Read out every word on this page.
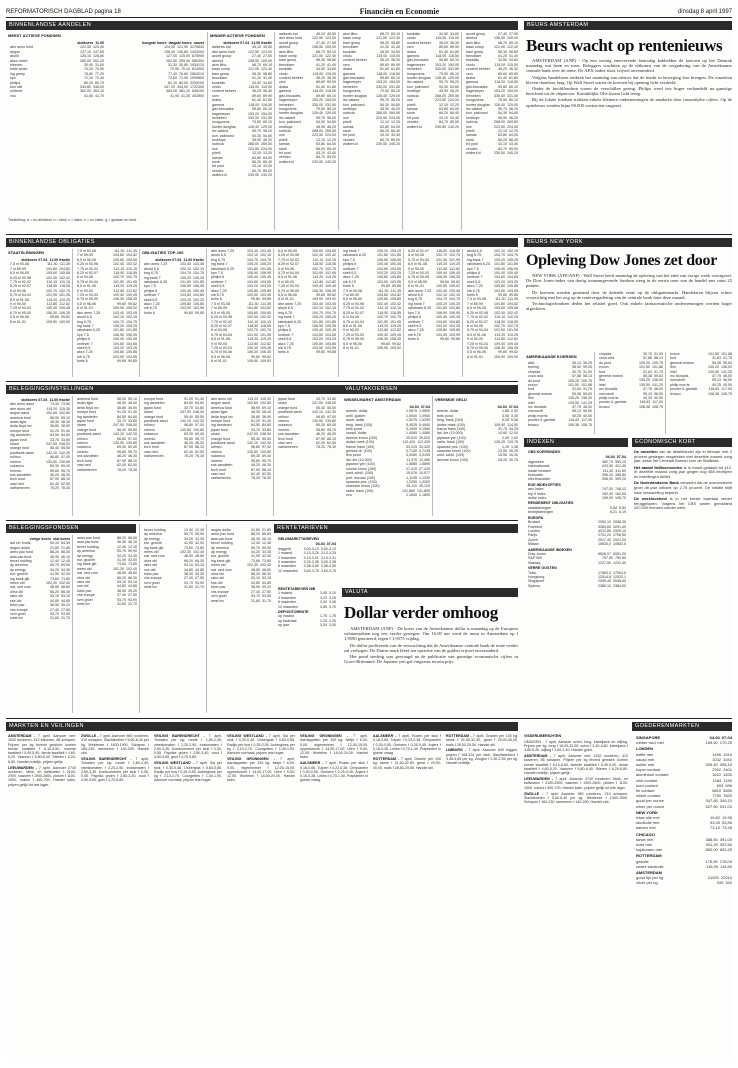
REFORMATORISCH DAGBLAD pagina 18	Financiën en Economie	dinsdag 8 april 1997
BINNENLANDSE AANDELEN
MEEST ACTIEVE FONDSEN
slotkoers 11.00
abn amro hold	122,50 123,40
aegon	137,10 137,60
ahold	126,10 126,80
akzo nobel	260,00 261,20
elsevier	30,90 31,00
fortis amev	70,20 70,50
ing groep	76,80 77,20
kpn	72,10 72,40
philips	80,20 80,70
kon olie	344,80 346,00
unilever	362,00 363,10
vnu	41,50 41,70
hoogste koers laagste koers omzet
124,00 121,90 3176640
138,40 136,80 1443204
127,00 125,90 875900
262,50 259,40 580300
31,30 30,80 1934120
70,90 70,10 812000
77,40 76,60 2564210
72,60 71,90 1099800
81,10 80,00 3209100
347,20 344,00 1722300
364,00 361,20 645100
41,90 41,30 402800
Toelichting: a = ex-dividend, b = bied, c = laten, e = ex claim, g = gedaan en bied.
MINDER ACTIEVE FONDSEN
slotkoers 07-04 11.00 fractie
aalberts ind	45,10 45,50
abn amro hold	122,50 123,00
accell group	27,40 27,50
ahrend	108,50 109,00
asm litho	68,70 69,10
baan comp	121,00 122,40
bam groep	98,30 98,80
benckiser	41,20 41,40
boskalis	34,50 34,60
cindu	115,00 115,00
content beheer	36,20 36,30
csm	89,60 89,90
draka	61,40 61,80
gamma	118,00 118,50
gist-brocades	59,80 60,10
hagemeyer	153,20 154,00
heineken	330,00 331,50
hoogovens	79,50 80,10
hunter douglas	128,40 129,00
ihc caland	95,70 96,20
kon. pakhoed	54,30 54,60
nedlloyd	45,90 46,20
nutricia	268,00 269,50
oce	223,50 224,00
pirelli	12,10 12,20
samas	63,80 64,00
stork	66,20 66,40
tnt post	43,10 43,40
vendex	84,70 85,00
wolters kl	239,50 240,20
aalberts ind	45,10 45,50
abn amro hold	122,50 123,00
accell group	27,40 27,50
ahrend	108,50 109,00
asm litho	68,70 69,10
baan comp	121,00 122,40
bam groep	98,30 98,80
benckiser	41,20 41,40
boskalis	34,50 34,60
cindu	115,00 115,00
content beheer	36,20 36,30
csm	89,60 89,90
draka	61,40 61,80
gamma	118,00 118,50
gist-brocades	59,80 60,10
hagemeyer	153,20 154,00
heineken	330,00 331,50
hoogovens	79,50 80,10
hunter douglas	128,40 129,00
ihc caland	95,70 96,20
kon. pakhoed	54,30 54,60
nedlloyd	45,90 46,20
nutricia	268,00 269,50
oce	223,50 224,00
pirelli	12,10 12,20
samas	63,80 64,00
stork	66,20 66,40
tnt post	43,10 43,40
vendex	84,70 85,00
wolters kl	239,50 240,20
asm litho	68,70 69,10
baan comp	121,00 122,40
bam groep	98,30 98,80
benckiser	41,20 41,40
boskalis	34,50 34,60
cindu	115,00 115,00
content beheer	36,20 36,30
csm	89,60 89,90
draka	61,40 61,80
gamma	118,00 118,50
gist-brocades	59,80 60,10
hagemeyer	153,20 154,00
heineken	330,00 331,50
hoogovens	79,50 80,10
hunter douglas	128,40 129,00
ihc caland	95,70 96,20
kon. pakhoed	54,30 54,60
nedlloyd	45,90 46,20
nutricia	268,00 269,50
oce	223,50 224,00
pirelli	12,10 12,20
samas	63,80 64,00
stork	66,20 66,40
tnt post	43,10 43,40
vendex	84,70 85,00
wolters kl	239,50 240,20
boskalis	34,50 34,60
cindu	115,00 115,00
content beheer	36,20 36,30
csm	89,60 89,90
draka	61,40 61,80
gamma	118,00 118,50
gist-brocades	59,80 60,10
hagemeyer	153,20 154,00
heineken	330,00 331,50
hoogovens	79,50 80,10
hunter douglas	128,40 129,00
ihc caland	95,70 96,20
kon. pakhoed	54,30 54,60
nedlloyd	45,90 46,20
nutricia	268,00 269,50
oce	223,50 224,00
pirelli	12,10 12,20
samas	63,80 64,00
stork	66,20 66,40
tnt post	43,10 43,40
vendex	84,70 85,00
wolters kl	239,50 240,20
accell group	27,40 27,50
ahrend	108,50 109,00
asm litho	68,70 69,10
baan comp	121,00 122,40
bam groep	98,30 98,80
benckiser	41,20 41,40
boskalis	34,50 34,60
cindu	115,00 115,00
content beheer	36,20 36,30
csm	89,60 89,90
draka	61,40 61,80
gamma	118,00 118,50
gist-brocades	59,80 60,10
hagemeyer	153,20 154,00
heineken	330,00 331,50
hoogovens	79,50 80,10
hunter douglas	128,40 129,00
ihc caland	95,70 96,20
kon. pakhoed	54,30 54,60
nedlloyd	45,90 46,20
nutricia	268,00 269,50
oce	223,50 224,00
pirelli	12,10 12,20
samas	63,80 64,00
stork	66,20 66,40
tnt post	43,10 43,40
vendex	84,70 85,00
wolters kl	239,50 240,20
BEURS AMSTERDAM
Beurs wacht op rentenieuws

AMSTERDAM (ANP) - Op een weinig enerverende beursdag kabbelden de koersen op het Damrak maandag wat heen en weer. Beleggers wachtten op de uitkomst van de vergadering van de Amerikaanse centrale bank over de rente. De AEX-index sloot vrijwel onveranderd.

Volgens handelaren ontbrak het maandag aan nieuws dat de markt in beweging kon brengen. De omzetten bleven daardoor laag. Op Wall Street waren de koersen bij opening licht verdeeld.

Onder de hoofdfondsen waren de verschillen gering. Philips werd iets hoger verhandeld na gunstige berichten uit de chipsector. Koninklijke Olie kwam licht terug.

Bij de lokale fondsen trokken enkele kleinere ondernemingen de aandacht door tussentijdse cijfers. Op de optiebeurs werden bijna 90.000 contracten omgezet.

BINNENLANDSE OBLIGATIES
STAATSLENINGEN
slotkoers 07-04 11.00 fractie
7,5 nl 93-08	111,30 111,35
7 nl 89-99	104,80 104,82
6,5 nl 95-05	105,60 105,65
6,25 nl 93-98	102,40 102,42
7,75 nl 92-02	110,10 110,15
8,25 nl 92-07	118,50 118,55
6 nl 94-06	102,70 102,75
5,75 nl 94-04	101,90 101,95
8,5 nl 91-06	119,20 119,25
9 nl 90-00	112,80 112,82
7,25 nl 93-03	109,40 109,45
6,75 nl 95-05	106,30 106,35
5,5 nl 96-06	99,60 99,62
8 nl 91-01	109,90 109,92
7,5 nl 93-08	111,30 111,35
7 nl 89-99	104,80 104,82
6,5 nl 95-05	105,60 105,65
6,25 nl 93-98	102,40 102,42
7,75 nl 92-02	110,10 110,15
8,25 nl 92-07	118,50 118,55
6 nl 94-06	102,70 102,75
5,75 nl 94-04	101,90 101,95
8,5 nl 91-06	119,20 119,25
9 nl 90-00	112,80 112,82
7,25 nl 93-03	109,40 109,45
6,75 nl 95-05	106,30 106,35
5,5 nl 96-06	99,60 99,62
8 nl 91-01	109,90 109,92
abn amro 7,25	103,40 103,45
ahold 6,5	102,10 102,15
bng 6,75	104,70 104,75
ing bank 7	105,20 105,25
rabobank 6,25	101,80 101,85
kpn 7,5	106,90 106,95
philips 6	100,40 100,45
unilever 7	104,60 104,65
shell 6,5	103,20 103,25
akzo 7,25	105,80 105,85
nib 6,75	103,90 103,95
fortis 6	99,80 99,85
OBLIGATIES TOP-100
slotkoers 07-04 11.00 fractie
abn amro 7,25	103,40 103,45
ahold 6,5	102,10 102,15
bng 6,75	104,70 104,75
ing bank 7	105,20 105,25
rabobank 6,25	101,80 101,85
kpn 7,5	106,90 106,95
philips 6	100,40 100,45
unilever 7	104,60 104,65
shell 6,5	103,20 103,25
akzo 7,25	105,80 105,85
nib 6,75	103,90 103,95
fortis 6	99,80 99,85
abn amro 7,25	103,40 103,45
ahold 6,5	102,10 102,15
bng 6,75	104,70 104,75
ing bank 7	105,20 105,25
rabobank 6,25	101,80 101,85
kpn 7,5	106,90 106,95
philips 6	100,40 100,45
unilever 7	104,60 104,65
shell 6,5	103,20 103,25
akzo 7,25	105,80 105,85
nib 6,75	103,90 103,95
fortis 6	99,80 99,85
7,5 nl 93-08	111,30 111,35
7 nl 89-99	104,80 104,82
6,5 nl 95-05	105,60 105,65
6,25 nl 93-98	102,40 102,42
7,75 nl 92-02	110,10 110,15
8,25 nl 92-07	118,50 118,55
6 nl 94-06	102,70 102,75
5,75 nl 94-04	101,90 101,95
8,5 nl 91-06	119,20 119,25
9 nl 90-00	112,80 112,82
7,25 nl 93-03	109,40 109,45
6,75 nl 95-05	106,30 106,35
5,5 nl 96-06	99,60 99,62
8 nl 91-01	109,90 109,92
6,5 nl 95-05	105,60 105,65
6,25 nl 93-98	102,40 102,42
7,75 nl 92-02	110,10 110,15
8,25 nl 92-07	118,50 118,55
6 nl 94-06	102,70 102,75
5,75 nl 94-04	101,90 101,95
8,5 nl 91-06	119,20 119,25
9 nl 90-00	112,80 112,82
7,25 nl 93-03	109,40 109,45
6,75 nl 95-05	106,30 106,35
5,5 nl 96-06	99,60 99,62
8 nl 91-01	109,90 109,92
abn amro 7,25	103,40 103,45
ahold 6,5	102,10 102,15
bng 6,75	104,70 104,75
ing bank 7	105,20 105,25
rabobank 6,25	101,80 101,85
kpn 7,5	106,90 106,95
philips 6	100,40 100,45
unilever 7	104,60 104,65
shell 6,5	103,20 103,25
akzo 7,25	105,80 105,85
nib 6,75	103,90 103,95
fortis 6	99,80 99,85
ing bank 7	105,20 105,25
rabobank 6,25	101,80 101,85
kpn 7,5	106,90 106,95
philips 6	100,40 100,45
unilever 7	104,60 104,65
shell 6,5	103,20 103,25
akzo 7,25	105,80 105,85
nib 6,75	103,90 103,95
fortis 6	99,80 99,85
7,5 nl 93-08	111,30 111,35
7 nl 89-99	104,80 104,82
6,5 nl 95-05	105,60 105,65
6,25 nl 93-98	102,40 102,42
7,75 nl 92-02	110,10 110,15
8,25 nl 92-07	118,50 118,55
6 nl 94-06	102,70 102,75
5,75 nl 94-04	101,90 101,95
8,5 nl 91-06	119,20 119,25
9 nl 90-00	112,80 112,82
7,25 nl 93-03	109,40 109,45
6,75 nl 95-05	106,30 106,35
5,5 nl 96-06	99,60 99,62
8 nl 91-01	109,90 109,92
8,25 nl 92-07	118,50 118,55
6 nl 94-06	102,70 102,75
5,75 nl 94-04	101,90 101,95
8,5 nl 91-06	119,20 119,25
9 nl 90-00	112,80 112,82
7,25 nl 93-03	109,40 109,45
6,75 nl 95-05	106,30 106,35
5,5 nl 96-06	99,60 99,62
8 nl 91-01	109,90 109,92
abn amro 7,25	103,40 103,45
ahold 6,5	102,10 102,15
bng 6,75	104,70 104,75
ing bank 7	105,20 105,25
rabobank 6,25	101,80 101,85
kpn 7,5	106,90 106,95
philips 6	100,40 100,45
unilever 7	104,60 104,65
shell 6,5	103,20 103,25
akzo 7,25	105,80 105,85
nib 6,75	103,90 103,95
fortis 6	99,80 99,85
ahold 6,5	102,10 102,15
bng 6,75	104,70 104,75
ing bank 7	105,20 105,25
rabobank 6,25	101,80 101,85
kpn 7,5	106,90 106,95
philips 6	100,40 100,45
unilever 7	104,60 104,65
shell 6,5	103,20 103,25
akzo 7,25	105,80 105,85
nib 6,75	103,90 103,95
fortis 6	99,80 99,85
7,5 nl 93-08	111,30 111,35
7 nl 89-99	104,80 104,82
6,5 nl 95-05	105,60 105,65
6,25 nl 93-98	102,40 102,42
7,75 nl 92-02	110,10 110,15
8,25 nl 92-07	118,50 118,55
6 nl 94-06	102,70 102,75
5,75 nl 94-04	101,90 101,95
8,5 nl 91-06	119,20 119,25
9 nl 90-00	112,80 112,82
7,25 nl 93-03	109,40 109,45
6,75 nl 95-05	106,30 106,35
5,5 nl 96-06	99,60 99,62
8 nl 91-01	109,90 109,92
BEURS NEW YORK
Opleving Dow Jones zet door

NEW YORK (AFP/ANP) - Wall Street heeft maandag de opleving van het eind van vorige week voortgezet. De Dow Jones-index van dertig toonaangevende fondsen steeg in de eerste uren van de handel met ruim 25 punten.

De koersen werden gesteund door de dalende rente op de obligatiemarkt. Handelaren blijven echter voorzichtig met het oog op de rentevergadering van de centrale bank later deze maand.

Technologiefondsen deden het relatief goed. Ook enkele farmaceutische ondernemingen werden hoger afgesloten.

BELEGGINGSINSTELLINGEN
slotkoers 07-04 11.00 fractie
abn amro aand	73,40 73,50
abn amro obl	115,20 115,30
aegon aand	102,60 102,80
america fund	58,90 59,10
asian tiger	48,30 48,40
delta lloyd inv	36,80 36,90
europe fund	91,20 91,40
ing aandelen	84,50 84,60
japan fund	33,70 33,80
obam	247,00 248,00
orange fund	55,40 55,50
postbank aand	142,10 142,30
rolinco	96,80 97,00
robeco	130,50 130,80
rodamco	69,30 69,40
rorento	95,60 95,70
sns aandelen	46,20 46,30
tech fund	87,90 88,10
vast ned	62,40 62,50
zwitserleven	78,20 78,30
america fund	58,90 59,10
asian tiger	48,30 48,40
delta lloyd inv	36,80 36,90
europe fund	91,20 91,40
ing aandelen	84,50 84,60
japan fund	33,70 33,80
obam	247,00 248,00
orange fund	55,40 55,50
postbank aand	142,10 142,30
rolinco	96,80 97,00
robeco	130,50 130,80
rodamco	69,30 69,40
rorento	95,60 95,70
sns aandelen	46,20 46,30
tech fund	87,90 88,10
vast ned	62,40 62,50
zwitserleven	78,20 78,30
europe fund	91,20 91,40
ing aandelen	84,50 84,60
japan fund	33,70 33,80
obam	247,00 248,00
orange fund	55,40 55,50
postbank aand	142,10 142,30
rolinco	96,80 97,00
robeco	130,50 130,80
rodamco	69,30 69,40
rorento	95,60 95,70
sns aandelen	46,20 46,30
tech fund	87,90 88,10
vast ned	62,40 62,50
zwitserleven	78,20 78,30
abn amro obl	115,20 115,30
aegon aand	102,60 102,80
america fund	58,90 59,10
asian tiger	48,30 48,40
delta lloyd inv	36,80 36,90
europe fund	91,20 91,40
ing aandelen	84,50 84,60
japan fund	33,70 33,80
obam	247,00 248,00
orange fund	55,40 55,50
postbank aand	142,10 142,30
rolinco	96,80 97,00
robeco	130,50 130,80
rodamco	69,30 69,40
rorento	95,60 95,70
sns aandelen	46,20 46,30
tech fund	87,90 88,10
vast ned	62,40 62,50
zwitserleven	78,20 78,30
japan fund	33,70 33,80
obam	247,00 248,00
orange fund	55,40 55,50
postbank aand	142,10 142,30
rolinco	96,80 97,00
robeco	130,50 130,80
rodamco	69,30 69,40
rorento	95,60 95,70
sns aandelen	46,20 46,30
tech fund	87,90 88,10
vast ned	62,40 62,50
zwitserleven	78,20 78,30
VALUTAKOERSEN
WISSELMARKT AMSTERDAM
04-04 07-04
amerik. dollar	1,9575 1,9590
antil. gulden	1,0940 1,0950
austr. dollar	1,5275 1,5290
belg. frank (100)	5,4535 5,4540
brits pond	3,1930 3,1960
canad. dollar	1,4065 1,4080
deense kroon (100)	29,510 29,520
duitse mark (100)	112,420 112,425
franse frank (100)	33,315 33,320
griekse dr. (100)	0,7130 0,7135
iers pond	3,0080 3,0105
ital. lire (10.000)	11,470 11,480
japanse yen (100)	1,5685 1,5695
noorse kroon (100)	27,410 27,420
oost. schill. (100)	15,976 15,977
port. escudo (100)	1,1195 1,1200
spaanse pes. (100)	1,3295 1,3300
zweedse kroon (100)	25,110 25,120
zwits. frank (100)	131,860 131,890
ecu	2,1845 2,1850
VREEMDE GELD
04-04 07-04
amerik. dollar	1,88 2,02
brits pond	3,06 3,30
belg. frank (100)	5,28 5,58
duitse mark (100)	109,50 114,50
franse frank (100)	31,75 34,25
ital. lire (10.000)	10,80 12,00
japanse yen (100)	1,49 1,62
zwits. frank (100)	128,25 133,75
spaanse pes. (100)	1,25 1,38
zweedse kroon (100)	23,50 26,25
oost. schill. (100)	15,55 16,30
deense kroon (100)	28,25 30,75
AMERIKAANSE KOERSEN
at&t	36,13 36,25
boeing	98,50 99,00
chrysler	30,75 31,00
coca cola	57,88 58,13
du pont	105,25 105,75
exxon	101,50 101,88
ford	31,63 31,75
general motors	55,38 55,63
ibm	135,25 136,00
intel	139,50 141,25
mc donalds	47,75 48,00
microsoft	95,13 96,50
philip morris	40,25 40,50
procter & gamble	116,63 117,00
texaco	108,38 108,75
chrysler	30,75 31,00
coca cola	57,88 58,13
du pont	105,25 105,75
exxon	101,50 101,88
ford	31,63 31,75
general motors	55,38 55,63
ibm	135,25 136,00
intel	139,50 141,25
mc donalds	47,75 48,00
microsoft	95,13 96,50
philip morris	40,25 40,50
procter & gamble	116,63 117,00
texaco	108,38 108,75
exxon	101,50 101,88
ford	31,63 31,75
general motors	55,38 55,63
ibm	135,25 136,00
intel	139,50 141,25
mc donalds	47,75 48,00
microsoft	95,13 96,50
philip morris	40,25 40,50
procter & gamble	116,63 117,00
texaco	108,38 108,75
INDEXEN
CBS KOERSINDEX
04-04 07-04
algemeen	382,70 383,10
internationals	420,50 421,30
lokale fondsen	311,40 311,60
financiele	356,20 356,80
niet-financiele	398,90 399,20
EOE INDEXOPTIES
aex-index	747,53 748,12
top 5 index	162,40 162,55
dollar index	195,90 195,75
RENDEMENT OBLIGATIES
staatsleningen	5,84 5,82
bedrijfsleningen	6,21 6,19
EUROPA
Brussel	2052,10 2058,30
Frankfort	3284,60 3291,40
Londen	4312,80 4320,10
Parijs	2701,20 2706,50
Zurich	2917,40 2921,00
Milaan	10830,0 10852,0
AMERIKAANSE INDEXEN
Dow Jones	6526,07 6551,20
S&P 500	757,90 759,80
Nasdaq	1227,80 1231,40
VERRE OOSTEN
Tokio	17863,0 17904,5
Hongkong	12514,8 12532,1
Singapore	2095,40 2098,60
Sydney	2380,10 2384,50
ECONOMISCH KORT

De omzetten van de detailhandel zijn in februari met 2 procent gestegen vergeleken met dezelfde maand vorig jaar, aldus het Centraal Bureau voor de Statistiek.

Het aantal faillissementen is in maart gedaald tot 412. In dezelfde maand vorig jaar gingen nog 468 bedrijven en instellingen failliet.

De Nederlandsche Bank verwacht dat de economische groei dit jaar uitkomt op 2,75 procent. De inflatie blijft naar verwachting beperkt.

De werkloosheid is in het eerste kwartaal verder teruggelopen. Volgens het CBS waren gemiddeld 420.000 mensen zonder werk.

BELEGGINGSFONDSEN
vorige koers slot koers
aal ver fonds	54,10 54,30
aegon dollar	21,80 21,85
amro pac fund	88,20 88,50
asia pac fund	46,30 46,10
bever holding	12,40 12,45
dp america	59,70 59,90
dp energy	34,20 34,35
eur. growth	41,90 42,00
ing bank glb	73,60 73,80
mees obl	102,30 102,40
nat. ned cum	48,50 48,60
ohra obl	66,20 66,30
rabo obl	53,10 53,15
sns obl	44,80 44,85
tokio pac	38,90 39,20
vhs europe	27,40 27,50
vvm groei	93,70 93,90
west inv	31,60 31,70
amro pac fund	88,20 88,50
asia pac fund	46,30 46,10
bever holding	12,40 12,45
dp america	59,70 59,90
dp energy	34,20 34,35
eur. growth	41,90 42,00
ing bank glb	73,60 73,80
mees obl	102,30 102,40
nat. ned cum	48,50 48,60
ohra obl	66,20 66,30
rabo obl	53,10 53,15
sns obl	44,80 44,85
tokio pac	38,90 39,20
vhs europe	27,40 27,50
vvm groei	93,70 93,90
west inv	31,60 31,70
bever holding	12,40 12,45
dp america	59,70 59,90
dp energy	34,20 34,35
eur. growth	41,90 42,00
ing bank glb	73,60 73,80
mees obl	102,30 102,40
nat. ned cum	48,50 48,60
ohra obl	66,20 66,30
rabo obl	53,10 53,15
sns obl	44,80 44,85
tokio pac	38,90 39,20
vhs europe	27,40 27,50
vvm groei	93,70 93,90
west inv	31,60 31,70
aegon dollar	21,80 21,85
amro pac fund	88,20 88,50
asia pac fund	46,30 46,10
bever holding	12,40 12,45
dp america	59,70 59,90
dp energy	34,20 34,35
eur. growth	41,90 42,00
ing bank glb	73,60 73,80
mees obl	102,30 102,40
nat. ned cum	48,50 48,60
ohra obl	66,20 66,30
rabo obl	53,10 53,15
sns obl	44,80 44,85
tokio pac	38,90 39,20
vhs europe	27,40 27,50
vvm groei	93,70 93,90
west inv	31,60 31,70
RENTETARIEVEN
GELDMARKTTARIEVEN
04-04 07-04
daggeld	3,00-3,13 3,00-3,13
1 maand	3,13-3,25 3,13-3,25
2 maanden	3,19-3,31 3,19-3,31
3 maanden	3,25-3,38 3,25-3,38
6 maanden	3,38-3,50 3,38-3,50
12 maanden	3,63-3,75 3,63-3,75
RENTETARIEVEN NIB
1 maand	3,05 3,10
3 maanden	3,20 3,25
6 maanden	3,40 3,45
12 maanden	3,65 3,70
DEPOSITORENTE
op maand	1,75 1,75
op kwartaal	2,25 2,25
op jaar	3,00 3,00
VALUTA
Dollar verder omhoog

AMSTERDAM (ANP) - De koers van de Amerikaanse dollar is maandag op de Europese valutamarkten nog iets verder gestegen. Om 16.00 uur werd de munt in Amsterdam op f 1,9590 genoteerd, tegen f 1,9575 vrijdag.

De dollar profiteerde van de verwachting dat de Amerikaanse centrale bank de rente verder zal verhogen. De Duitse mark bleef ten opzichte van de gulden vrijwel onveranderd.

Het pond sterling was gevraagd na de publicatie van gunstige economische cijfers in Groot-Brittannië. De Japanse yen gaf enigszins terrein prijs.

MARKTEN EN VEILINGEN

AMSTERDAM - 7 april. Aanvoer vee: 1532 runderen, 412 kalveren, 86 schapen. Prijzen per kg levend gewicht: koeien eerste kwaliteit f 6,10-6,60, tweede kwaliteit f 5,40-5,90, derde kwaliteit f 4,60-5,20. Vaarzen f 5,80-6,40. Stieren f 6,20-6,80. Handel redelijk, prijzen gelijk.

LEEUWARDEN - 7 april. Aanvoer 2740 runderen. Melk- en kalfkoeien f 2100-2900, vaarzen f 1900-2600, pinken f 1100-1500, nuka's f 450-700. Handel kalm, prijzen gelijk tot iets lager.

ZWOLLE - 7 april. Aanvoer 980 runderen, 210 schapen. Slachtkoeien f 5,60-6,40 per kg. Weidevee f 1400-1900. Schapen f 160-230, lammeren f 140-200. Handel vlot.

VEILING BARENDRECHT - 7 april. Tomaten per kg: ronde f 1,80-2,40, vleestomaten f 2,20-2,90, trostomaten f 2,60-3,30. Komkommers per stuk f 0,35-0,55. Paprika groen f 2,80-3,40, rood f 4,50-5,60, geel f 4,70-5,80.

VEILING BARENDRECHT - 7 april. Tomaten per kg: ronde f 1,80-2,40, vleestomaten f 2,20-2,90, trostomaten f 2,60-3,30. Komkommers per stuk f 0,35-0,55. Paprika groen f 2,80-3,40, rood f 4,50-5,60, geel f 4,70-5,80.

VEILING WESTLAND - 7 april. Sla per stuk f 0,30-0,48. IJsbergsla f 0,60-0,85. Radijs per bos f 0,35-0,55. Aubergines per kg f 2,10-2,70. Courgettes f 1,40-1,90. Aanvoer normaal, prijzen iets hoger.

VEILING WESTLAND - 7 april. Sla per stuk f 0,30-0,48. IJsbergsla f 0,60-0,85. Radijs per bos f 0,35-0,55. Aubergines per kg f 2,10-2,70. Courgettes f 1,40-1,90. Aanvoer normaal, prijzen iets hoger.

VEILING GRONINGEN - 7 april. Aardappelen per 100 kg: bintje f 6,00-9,00, eigenheimer f 12,00-15,00, opperdoezer f 14,00-17,00. Uien f 9,00-12,00. Wortelen f 18,00-24,00. Handel kalm.

VEILING GRONINGEN - 7 april. Aardappelen per 100 kg: bintje f 6,00-9,00, eigenheimer f 12,00-15,00, opperdoezer f 14,00-17,00. Uien f 9,00-12,00. Wortelen f 18,00-24,00. Handel kalm.

AALSMEER - 7 april. Rozen per stuk f 0,18-0,65. Tulpen f 0,22-0,38. Chrysanten f 0,30-0,55. Gerbera f 0,25-0,45. Anjers f 0,16-0,28. Lelies f 0,70-1,40. Potplanten in goede vraag.

AALSMEER - 7 april. Rozen per stuk f 0,18-0,65. Tulpen f 0,22-0,38. Chrysanten f 0,30-0,55. Gerbera f 0,25-0,45. Anjers f 0,16-0,28. Lelies f 0,70-1,40. Potplanten in goede vraag.

ROTTERDAM - 7 april. Granen per 100 kg: tarwe f 31,50-32,50, gerst f 29,00-30,00, maïs f 28,50-29,50. Handel stil.

ROTTERDAM - 7 april. Granen per 100 kg: tarwe f 31,50-32,50, gerst f 29,00-30,00, maïs f 28,50-29,50. Handel stil.

LIMBURG - 7 april. Aanvoer 640 biggen, prijzen f 108-124 per stuk. Slachtvarkens f 3,45-3,65 per kg. Zeugen f 2,30-2,55 per kg. Handel redelijk.

GOEDERENMARKTEN
SINGAPORE	04-04 07-04
rubber rss1 mei	169,50 170,25
LONDEN
koffie mei	1496 1510
cacao mei	1032 1041
suiker mei	305,40 306,10
koper contant	2392 2401
aluminium contant	1622 1630
zink contant	1184 1190
lood contant	693 696
tin contant	5810 5835
nikkel contant	7790 7820
goud per ounce	347,85 349,10
zilver per ounce	527,50 531,00
NEW YORK
ruwe olie mei	19,82 19,95
stookolie mei	53,40 53,85
katoen mei	73,10 73,45
CHICAGO
tarwe mei	388,50 391,00
mais mei	301,25 303,50
sojabonen mei	850,00 853,25
ROTTERDAM
gasolie	176,50 178,00
zware stookolie	118,00 118,50
AMSTERDAM
goud fijn per kg	21920 22010
zilver per kg	339 342

VISSERIJBERICHTEN

IJMUIDEN - 7 april. Aanvoer schol, tong, kabeljauw en wijting. Prijzen per kg: tong f 18,00-32,00, schol f 2,40-4,60, kabeljauw f 3,80-6,20, wijting f 1,60-2,40. Handel goed.

AMSTERDAM - 7 april. Aanvoer vee: 1532 runderen, 412 kalveren, 86 schapen. Prijzen per kg levend gewicht: koeien eerste kwaliteit f 6,10-6,60, tweede kwaliteit f 5,40-5,90, derde kwaliteit f 4,60-5,20. Vaarzen f 5,80-6,40. Stieren f 6,20-6,80. Handel redelijk, prijzen gelijk.

LEEUWARDEN - 7 april. Aanvoer 2740 runderen. Melk- en kalfkoeien f 2100-2900, vaarzen f 1900-2600, pinken f 1100-1500, nuka's f 450-700. Handel kalm, prijzen gelijk tot iets lager.

ZWOLLE - 7 april. Aanvoer 980 runderen, 210 schapen. Slachtkoeien f 5,60-6,40 per kg. Weidevee f 1400-1900. Schapen f 160-230, lammeren f 140-200. Handel vlot.
